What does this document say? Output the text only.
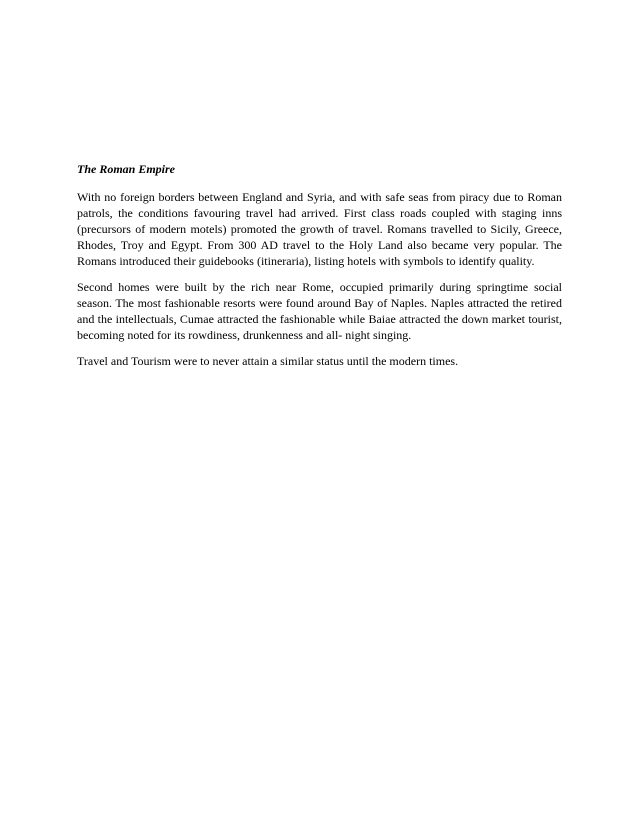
The Roman Empire

With no foreign borders between England and Syria, and with safe seas from piracy due to Roman patrols, the conditions favouring travel had arrived. First class roads coupled with staging inns (precursors of modern motels) promoted the growth of travel. Romans travelled to Sicily, Greece, Rhodes, Troy and Egypt. From 300 AD travel to the Holy Land also became very popular. The Romans introduced their guidebooks (itineraria), listing hotels with symbols to identify quality.

Second homes were built by the rich near Rome, occupied primarily during springtime social season. The most fashionable resorts were found around Bay of Naples. Naples attracted the retired and the intellectuals, Cumae attracted the fashionable while Baiae attracted the down market tourist, becoming noted for its rowdiness, drunkenness and all- night singing.

Travel and Tourism were to never attain a similar status until the modern times.
